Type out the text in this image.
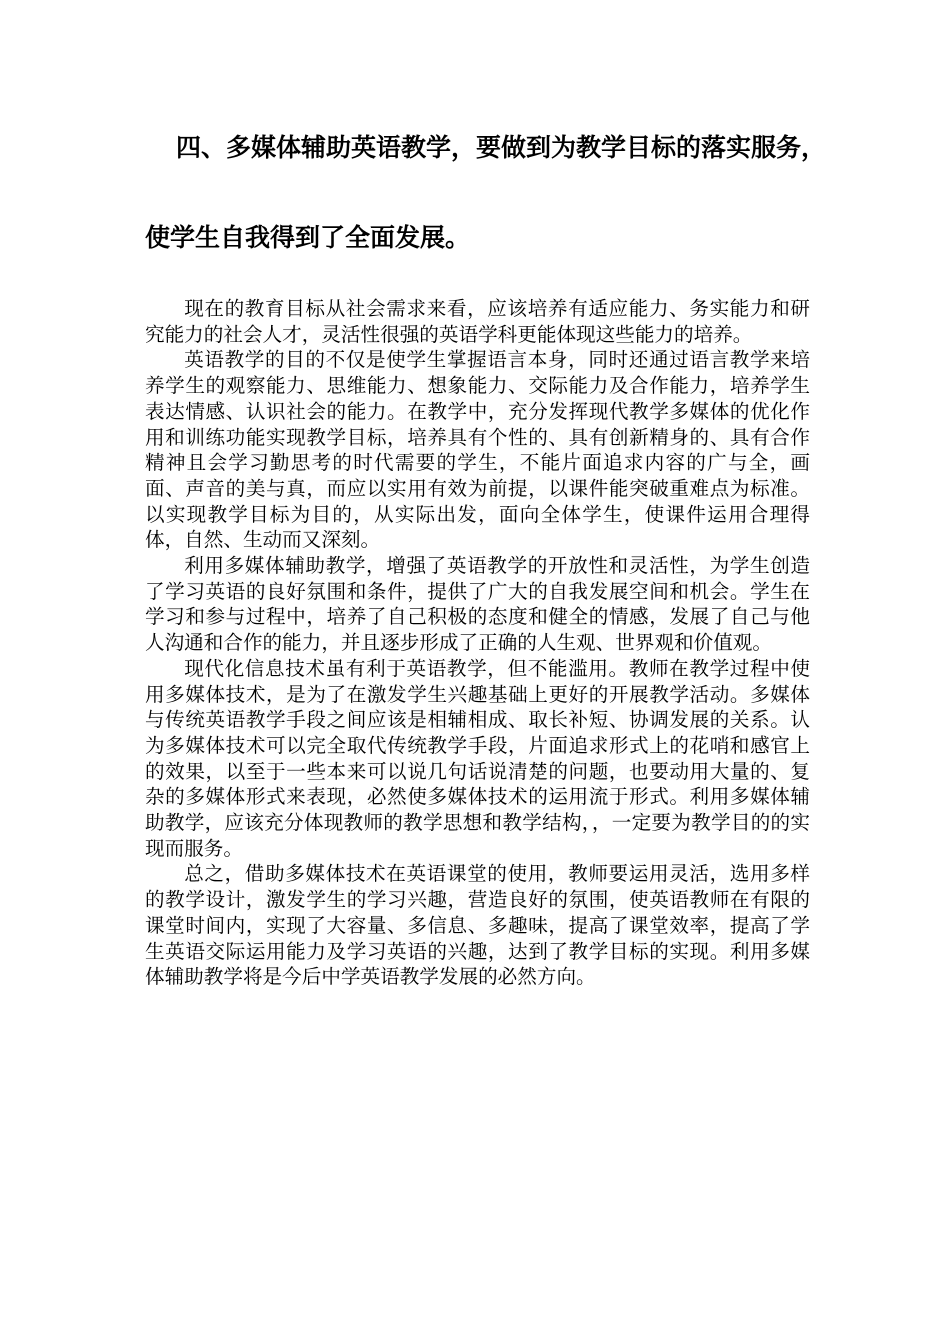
四、多媒体辅助英语教学，要做到为教学目标的落实服务，
使学生自我得到了全面发展。

现在的教育目标从社会需求来看，应该培养有适应能力、务实能力和研究能力的社会人才，灵活性很强的英语学科更能体现这些能力的培养。

英语教学的目的不仅是使学生掌握语言本身，同时还通过语言教学来培养学生的观察能力、思维能力、想象能力、交际能力及合作能力，培养学生表达情感、认识社会的能力。在教学中，充分发挥现代教学多媒体的优化作用和训练功能实现教学目标，培养具有个性的、具有创新精身的、具有合作精神且会学习勤思考的时代需要的学生，不能片面追求内容的广与全，画面、声音的美与真，而应以实用有效为前提，以课件能突破重难点为标准。以实现教学目标为目的，从实际出发，面向全体学生，使课件运用合理得体，自然、生动而又深刻。

利用多媒体辅助教学，增强了英语教学的开放性和灵活性，为学生创造了学习英语的良好氛围和条件，提供了广大的自我发展空间和机会。学生在学习和参与过程中，培养了自己积极的态度和健全的情感，发展了自己与他人沟通和合作的能力，并且逐步形成了正确的人生观、世界观和价值观。

现代化信息技术虽有利于英语教学，但不能滥用。教师在教学过程中使用多媒体技术，是为了在激发学生兴趣基础上更好的开展教学活动。多媒体与传统英语教学手段之间应该是相辅相成、取长补短、协调发展的关系。认为多媒体技术可以完全取代传统教学手段，片面追求形式上的花哨和感官上的效果，以至于一些本来可以说几句话说清楚的问题，也要动用大量的、复杂的多媒体形式来表现，必然使多媒体技术的运用流于形式。利用多媒体辅助教学，应该充分体现教师的教学思想和教学结构，，一定要为教学目的的实现而服务。

总之，借助多媒体技术在英语课堂的使用，教师要运用灵活，选用多样的教学设计，激发学生的学习兴趣，营造良好的氛围，使英语教师在有限的课堂时间内，实现了大容量、多信息、多趣味，提高了课堂效率，提高了学生英语交际运用能力及学习英语的兴趣，达到了教学目标的实现。利用多媒体辅助教学将是今后中学英语教学发展的必然方向。
